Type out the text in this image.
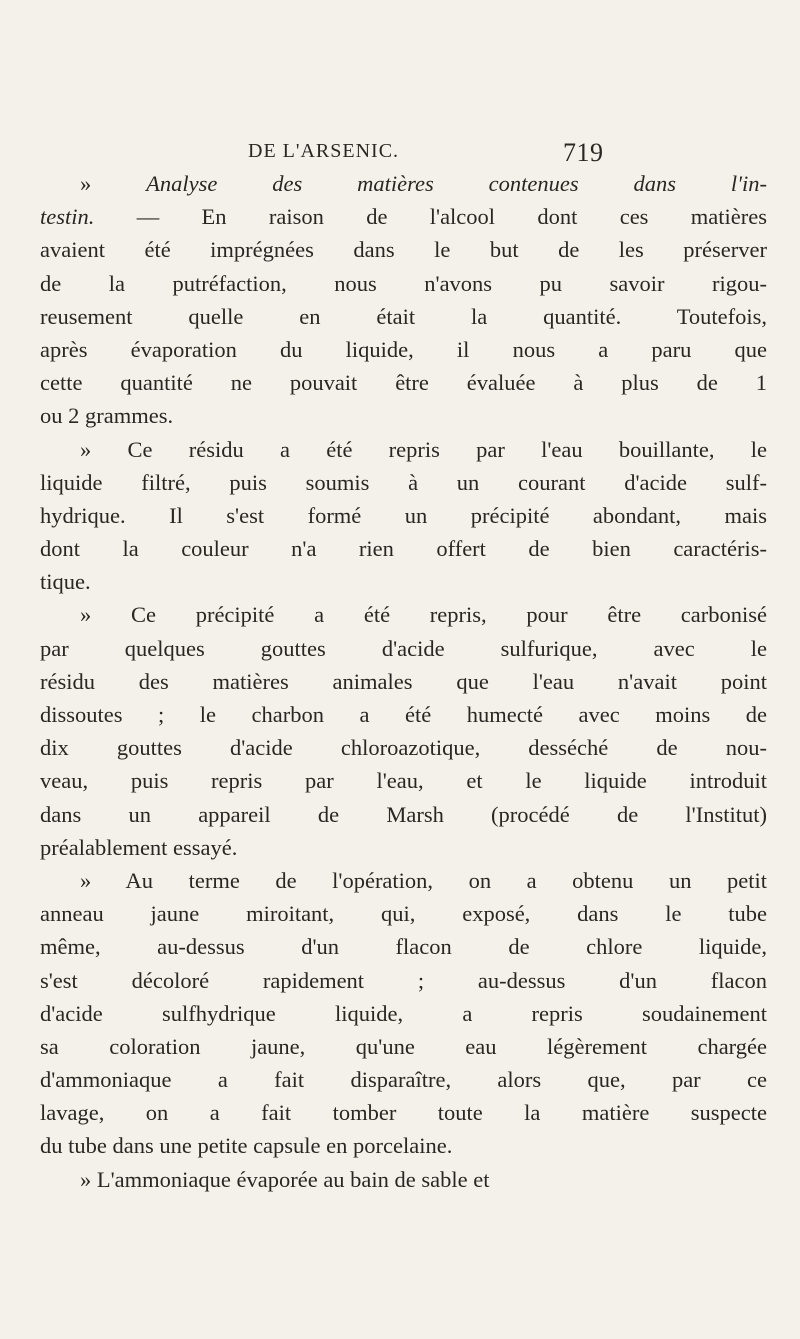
DE L'ARSENIC.	719
» Analyse des matières contenues dans l'in-
testin. — En raison de l'alcool dont ces matières
avaient été imprégnées dans le but de les préserver
de la putréfaction, nous n'avons pu savoir rigou-
reusement quelle en était la quantité. Toutefois,
après évaporation du liquide, il nous a paru que
cette quantité ne pouvait être évaluée à plus de 1
ou 2 grammes.
» Ce résidu a été repris par l'eau bouillante, le
liquide filtré, puis soumis à un courant d'acide sulf-
hydrique. Il s'est formé un précipité abondant, mais
dont la couleur n'a rien offert de bien caractéris-
tique.
» Ce précipité a été repris, pour être carbonisé
par quelques gouttes d'acide sulfurique, avec le
résidu des matières animales que l'eau n'avait point
dissoutes ; le charbon a été humecté avec moins de
dix gouttes d'acide chloroazotique, desséché de nou-
veau, puis repris par l'eau, et le liquide introduit
dans un appareil de Marsh (procédé de l'Institut)
préalablement essayé.
» Au terme de l'opération, on a obtenu un petit
anneau jaune miroitant, qui, exposé, dans le tube
même, au-dessus d'un flacon de chlore liquide,
s'est décoloré rapidement ; au-dessus d'un flacon
d'acide sulfhydrique liquide, a repris soudainement
sa coloration jaune, qu'une eau légèrement chargée
d'ammoniaque a fait disparaître, alors que, par ce
lavage, on a fait tomber toute la matière suspecte
du tube dans une petite capsule en porcelaine.
» L'ammoniaque évaporée au bain de sable et
